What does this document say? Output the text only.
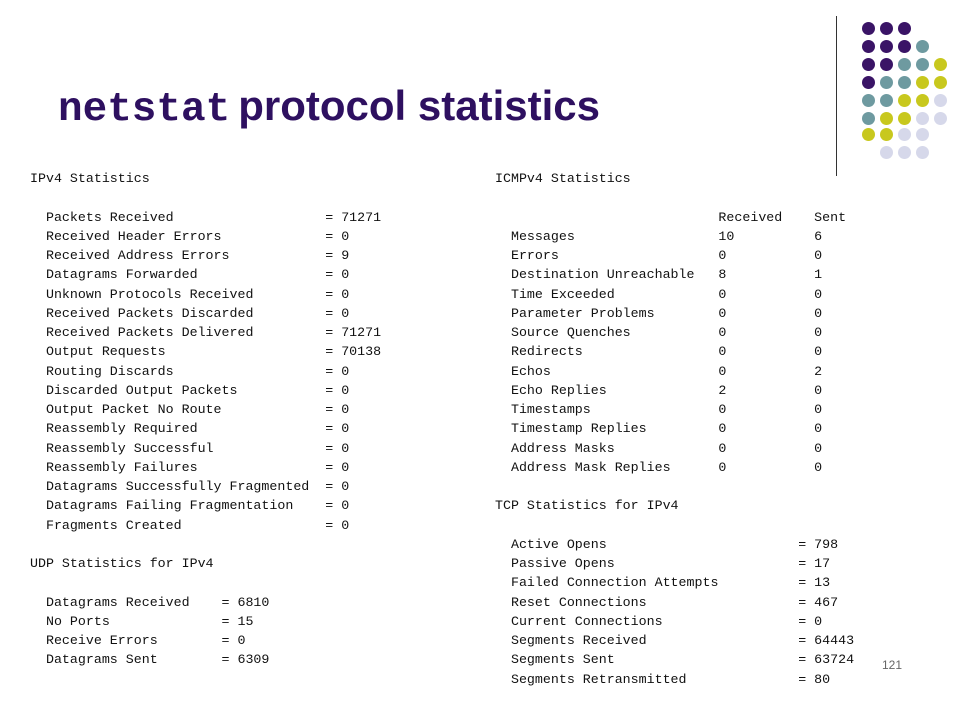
netstat protocol statistics
IPv4 Statistics
Packets Received                   = 71271
Received Header Errors             = 0
Received Address Errors            = 9
Datagrams Forwarded                = 0
Unknown Protocols Received         = 0
Received Packets Discarded         = 0
Received Packets Delivered         = 71271
Output Requests                    = 70138
Routing Discards                   = 0
Discarded Output Packets           = 0
Output Packet No Route             = 0
Reassembly Required                = 0
Reassembly Successful              = 0
Reassembly Failures                = 0
Datagrams Successfully Fragmented  = 0
Datagrams Failing Fragmentation    = 0
Fragments Created                  = 0
UDP Statistics for IPv4
Datagrams Received    = 6810
No Ports              = 15
Receive Errors        = 0
Datagrams Sent        = 6309
ICMPv4 Statistics
Received    Sent
Messages                  10          6
Errors                    0           0
Destination Unreachable   8           1
Time Exceeded             0           0
Parameter Problems        0           0
Source Quenches           0           0
Redirects                 0           0
Echos                     0           2
Echo Replies              2           0
Timestamps                0           0
Timestamp Replies         0           0
Address Masks             0           0
Address Mask Replies      0           0
TCP Statistics for IPv4
Active Opens                        = 798
Passive Opens                       = 17
Failed Connection Attempts          = 13
Reset Connections                   = 467
Current Connections                 = 0
Segments Received                   = 64443
Segments Sent                       = 63724
Segments Retransmitted              = 80
121
